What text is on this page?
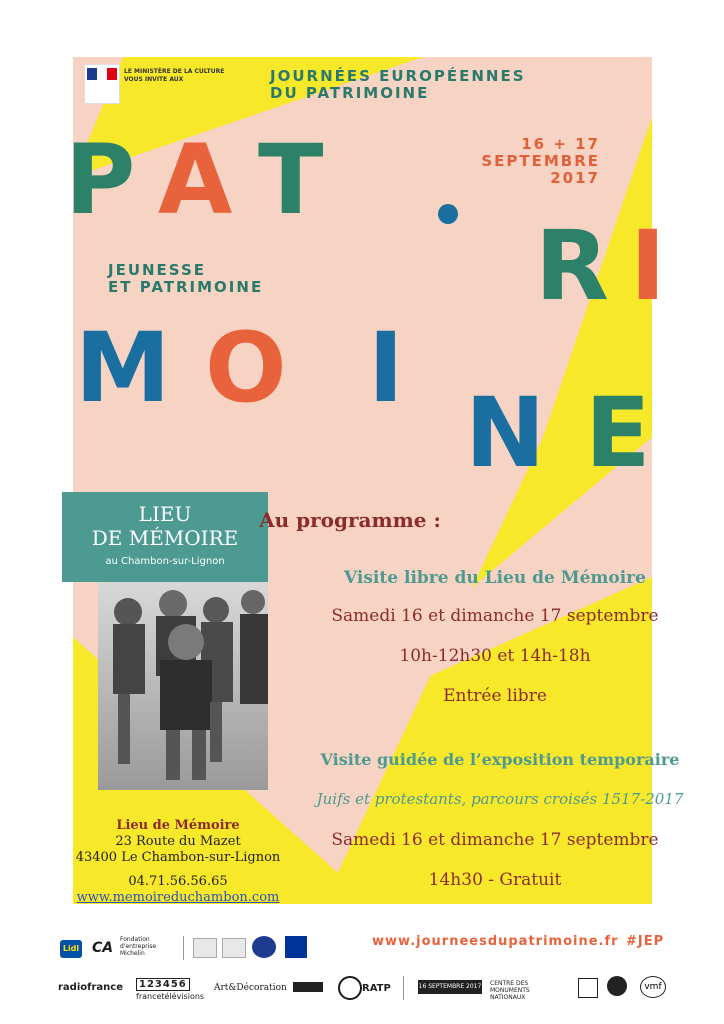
LE MINISTÈRE DE LA CULTURE
VOUS INVITE AUX	JOURNÉES EUROPÉENNES
DU PATRIMOINE
16 + 17
SEPTEMBRE
2017
JEUNESSE
ET PATRIMOINE
P A T
R I
M O I
N E
LIEU
DE MÉMOIRE
au Chambon-sur-Lignon
Lieu de Mémoire
23 Route du Mazet
43400 Le Chambon-sur-Lignon
04.71.56.56.65
www.memoireduchambon.com
Au programme :
Visite libre du Lieu de Mémoire
Samedi 16 et dimanche 17 septembre
10h-12h30 et 14h-18h
Entrée libre
Visite guidée de l’exposition temporaire
Juifs et protestants, parcours croisés 1517-2017
Samedi 16 et dimanche 17 septembre
14h30 - Gratuit
Lidl CA
Fondation d'entreprise Michelin
www.journeesdupatrimoine.fr #JEP
radiofrance	123456
francetélévisions
Art&Décoration	RATP	16 SEPTEMBRE 2017 CENTRE DES MONUMENTS NATIONAUX
vmf
